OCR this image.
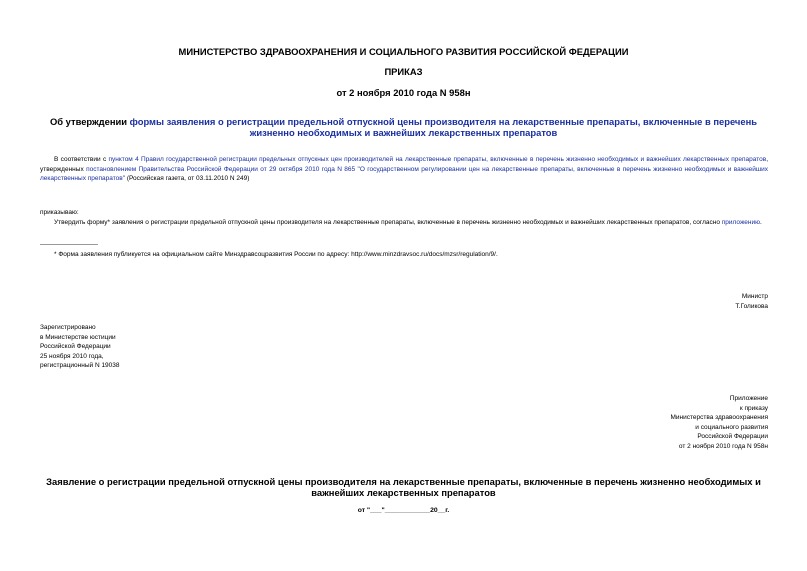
МИНИСТЕРСТВО ЗДРАВООХРАНЕНИЯ И СОЦИАЛЬНОГО РАЗВИТИЯ РОССИЙСКОЙ ФЕДЕРАЦИИ
ПРИКАЗ
от 2 ноября 2010 года N 958н
Об утверждении формы заявления о регистрации предельной отпускной цены производителя на лекарственные препараты, включенные в перечень жизненно необходимых и важнейших лекарственных препаратов
В соответствии с пунктом 4 Правил государственной регистрации предельных отпускных цен производителей на лекарственные препараты, включенные в перечень жизненно необходимых и важнейших лекарственных препаратов, утвержденных постановлением Правительства Российской Федерации от 29 октября 2010 года N 865 "О государственном регулировании цен на лекарственные препараты, включенные в перечень жизненно необходимых и важнейших лекарственных препаратов" (Российская газета, от 03.11.2010 N 249)
приказываю:
Утвердить форму* заявления о регистрации предельной отпускной цены производителя на лекарственные препараты, включенные в перечень жизненно необходимых и важнейших лекарственных препаратов, согласно приложению.
________________
* Форма заявления публикуется на официальном сайте Минздравсоцразвития России по адресу: http://www.minzdravsoc.ru/docs/mzsr/regulation/9/.
Министр
Т.Голикова
Зарегистрировано
в Министерстве юстиции
Российской Федерации
25 ноября 2010 года,
регистрационный N 19038
Приложение
к приказу
Министерства здравоохранения
и социального развития
Российской Федерации
от 2 ноября 2010 года N 958н
Заявление о регистрации предельной отпускной цены производителя на лекарственные препараты, включенные в перечень жизненно необходимых и важнейших лекарственных препаратов
от "___"____________20__г.
